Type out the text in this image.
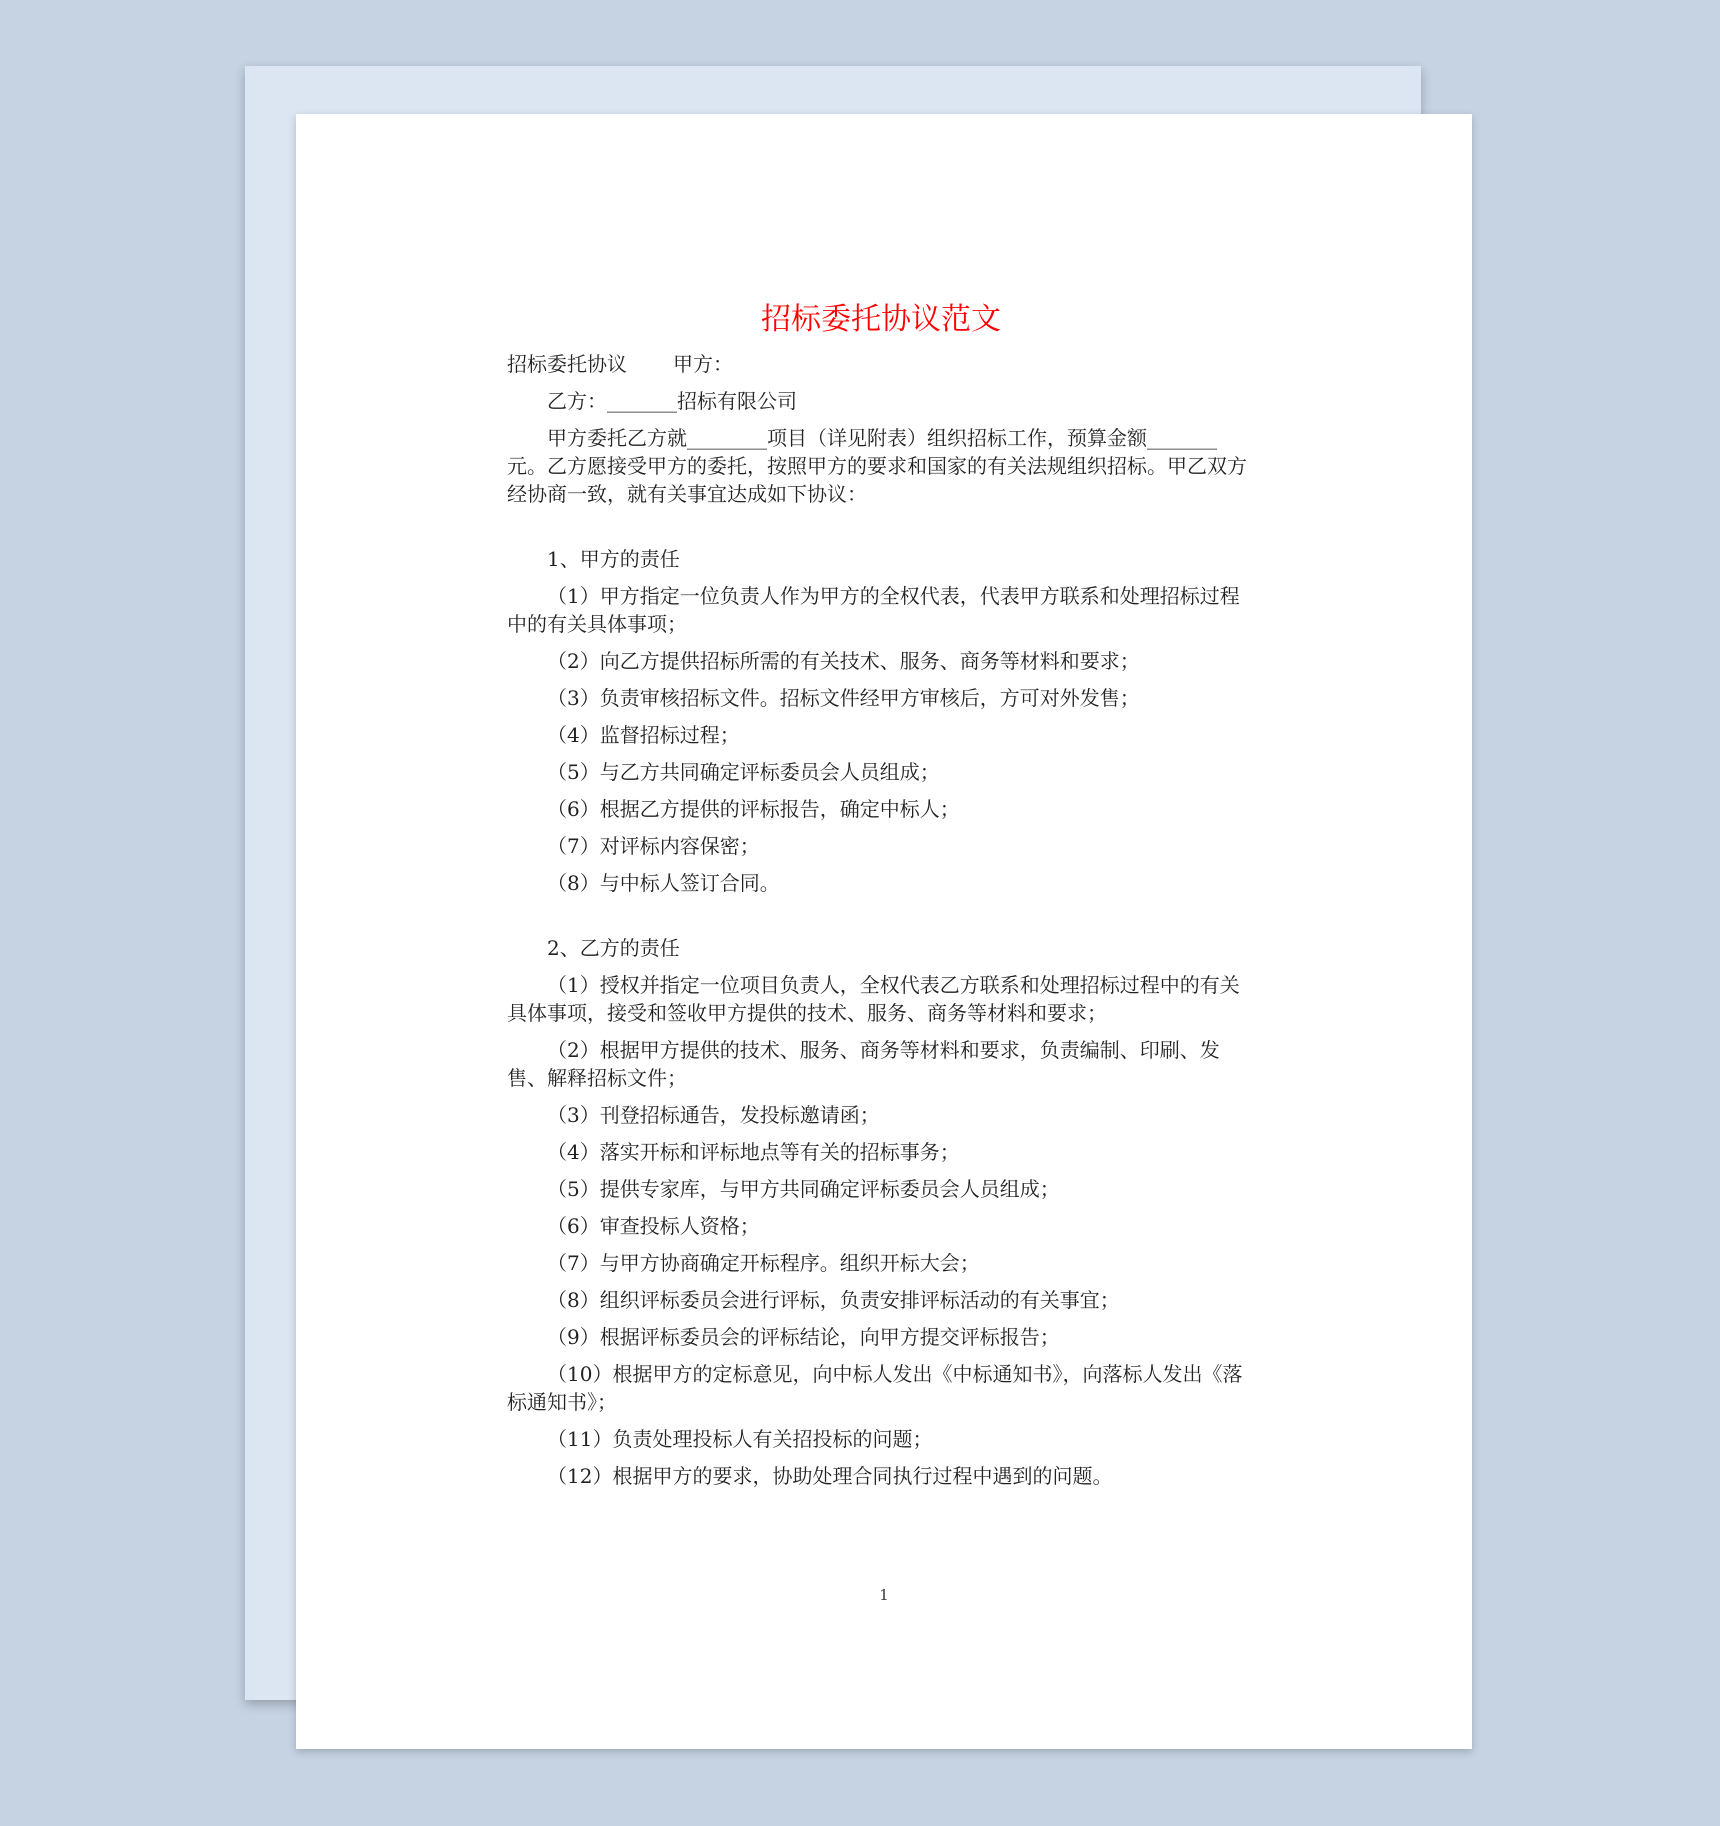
招标委托协议范文

招标委托协议 甲方：

乙方：_______招标有限公司

甲方委托乙方就________项目（详见附表）组织招标工作，预算金额_______元。乙方愿接受甲方的委托，按照甲方的要求和国家的有关法规组织招标。甲乙双方经协商一致，就有关事宜达成如下协议：

1、甲方的责任

（1）甲方指定一位负责人作为甲方的全权代表，代表甲方联系和处理招标过程中的有关具体事项；

（2）向乙方提供招标所需的有关技术、服务、商务等材料和要求；

（3）负责审核招标文件。招标文件经甲方审核后，方可对外发售；

（4）监督招标过程；

（5）与乙方共同确定评标委员会人员组成；

（6）根据乙方提供的评标报告，确定中标人；

（7）对评标内容保密；

（8）与中标人签订合同。

2、乙方的责任

（1）授权并指定一位项目负责人，全权代表乙方联系和处理招标过程中的有关具体事项，接受和签收甲方提供的技术、服务、商务等材料和要求；

（2）根据甲方提供的技术、服务、商务等材料和要求，负责编制、印刷、发售、解释招标文件；

（3）刊登招标通告，发投标邀请函；

（4）落实开标和评标地点等有关的招标事务；

（5）提供专家库，与甲方共同确定评标委员会人员组成；

（6）审查投标人资格；

（7）与甲方协商确定开标程序。组织开标大会；

（8）组织评标委员会进行评标，负责安排评标活动的有关事宜；

（9）根据评标委员会的评标结论，向甲方提交评标报告；

（10）根据甲方的定标意见，向中标人发出《中标通知书》，向落标人发出《落标通知书》；

（11）负责处理投标人有关招投标的问题；

（12）根据甲方的要求，协助处理合同执行过程中遇到的问题。

1
